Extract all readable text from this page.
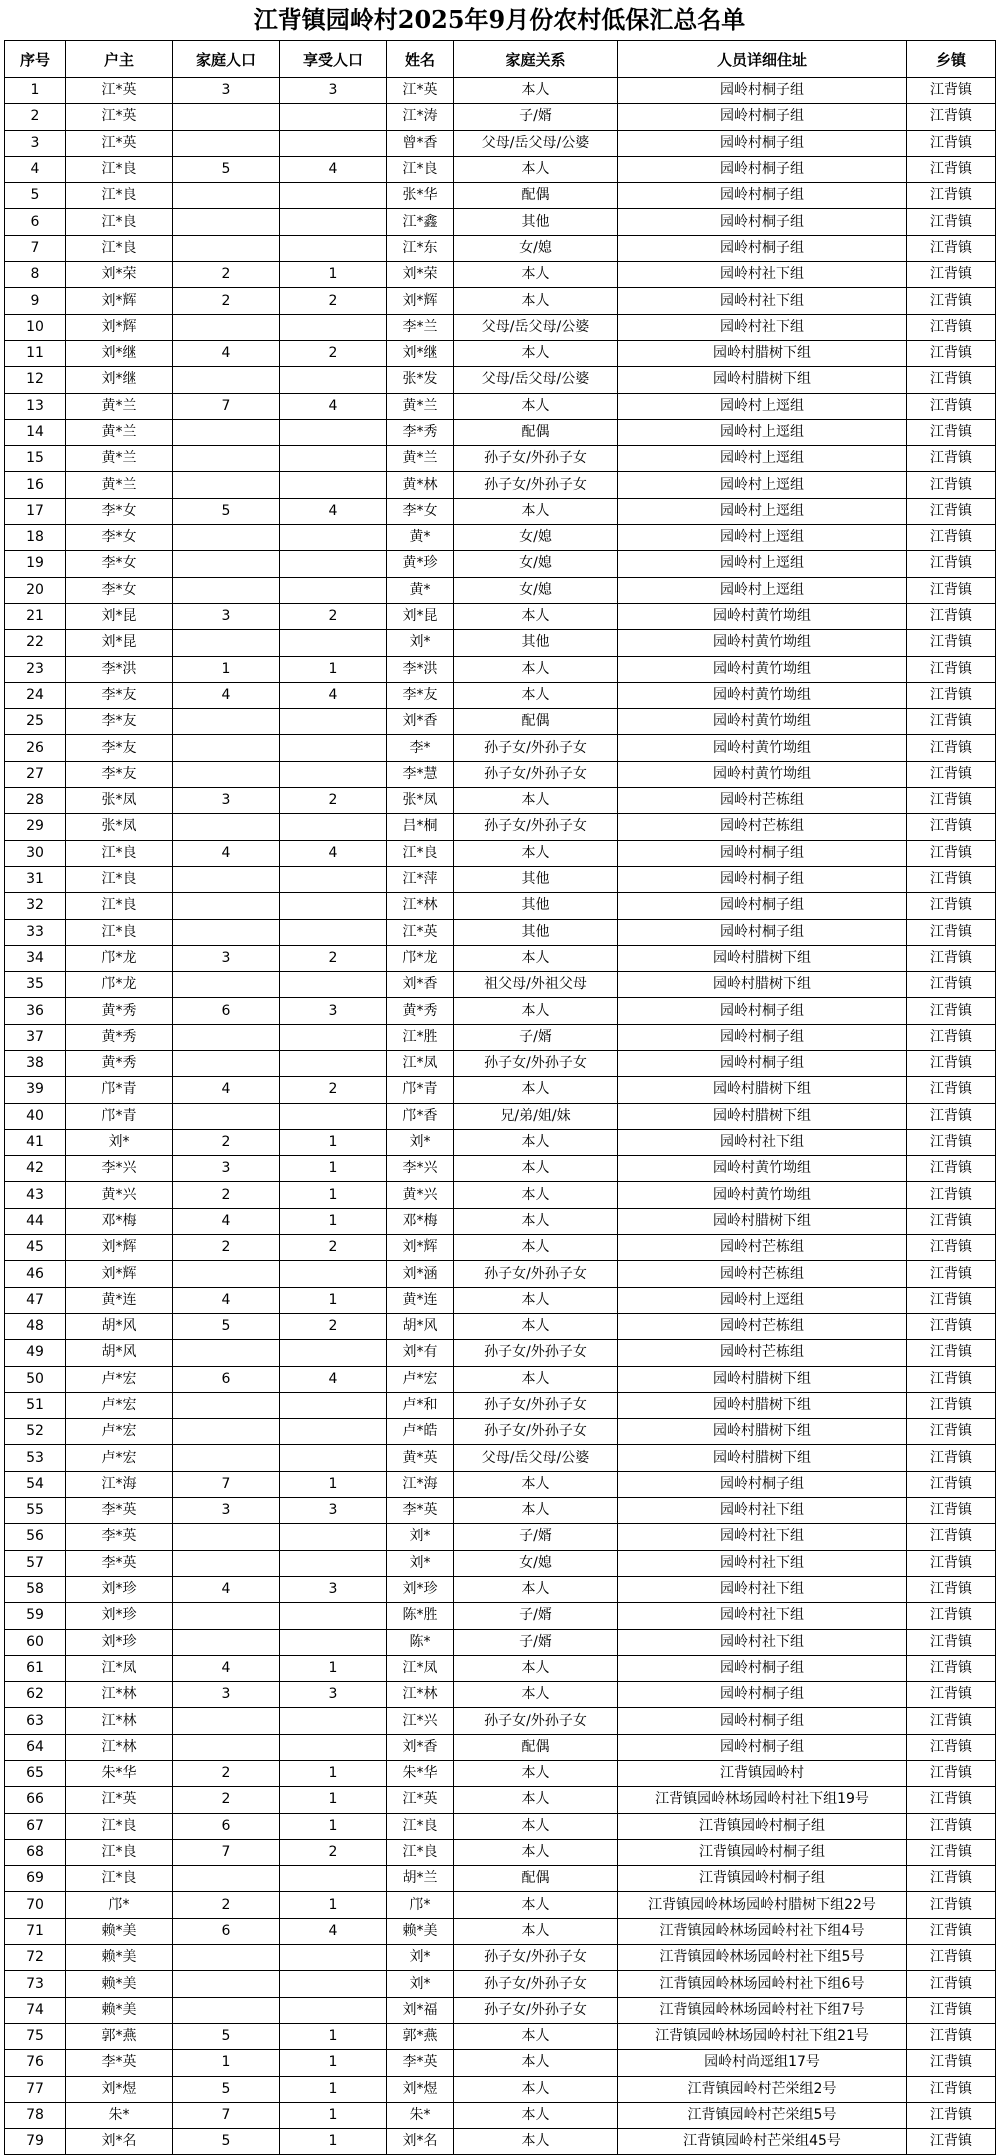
江背镇园岭村2025年9月份农村低保汇总名单
序号	户主	家庭人口	享受人口	姓名	家庭关系	人员详细住址	乡镇
1	江*英	3	3	江*英	本人	园岭村桐子组	江背镇
2	江*英			江*涛	子/婿	园岭村桐子组	江背镇
3	江*英			曾*香	父母/岳父母/公婆	园岭村桐子组	江背镇
4	江*良	5	4	江*良	本人	园岭村桐子组	江背镇
5	江*良			张*华	配偶	园岭村桐子组	江背镇
6	江*良			江*鑫	其他	园岭村桐子组	江背镇
7	江*良			江*东	女/媳	园岭村桐子组	江背镇
8	刘*荣	2	1	刘*荣	本人	园岭村社下组	江背镇
9	刘*辉	2	2	刘*辉	本人	园岭村社下组	江背镇
10	刘*辉			李*兰	父母/岳父母/公婆	园岭村社下组	江背镇
11	刘*继	4	2	刘*继	本人	园岭村腊树下组	江背镇
12	刘*继			张*发	父母/岳父母/公婆	园岭村腊树下组	江背镇
13	黄*兰	7	4	黄*兰	本人	园岭村上逕组	江背镇
14	黄*兰			李*秀	配偶	园岭村上逕组	江背镇
15	黄*兰			黄*兰	孙子女/外孙子女	园岭村上逕组	江背镇
16	黄*兰			黄*林	孙子女/外孙子女	园岭村上逕组	江背镇
17	李*女	5	4	李*女	本人	园岭村上逕组	江背镇
18	李*女			黄*	女/媳	园岭村上逕组	江背镇
19	李*女			黄*珍	女/媳	园岭村上逕组	江背镇
20	李*女			黄*	女/媳	园岭村上逕组	江背镇
21	刘*昆	3	2	刘*昆	本人	园岭村黄竹坳组	江背镇
22	刘*昆			刘*	其他	园岭村黄竹坳组	江背镇
23	李*洪	1	1	李*洪	本人	园岭村黄竹坳组	江背镇
24	李*友	4	4	李*友	本人	园岭村黄竹坳组	江背镇
25	李*友			刘*香	配偶	园岭村黄竹坳组	江背镇
26	李*友			李*	孙子女/外孙子女	园岭村黄竹坳组	江背镇
27	李*友			李*慧	孙子女/外孙子女	园岭村黄竹坳组	江背镇
28	张*凤	3	2	张*凤	本人	园岭村芒栋组	江背镇
29	张*凤			吕*桐	孙子女/外孙子女	园岭村芒栋组	江背镇
30	江*良	4	4	江*良	本人	园岭村桐子组	江背镇
31	江*良			江*萍	其他	园岭村桐子组	江背镇
32	江*良			江*林	其他	园岭村桐子组	江背镇
33	江*良			江*英	其他	园岭村桐子组	江背镇
34	邝*龙	3	2	邝*龙	本人	园岭村腊树下组	江背镇
35	邝*龙			刘*香	祖父母/外祖父母	园岭村腊树下组	江背镇
36	黄*秀	6	3	黄*秀	本人	园岭村桐子组	江背镇
37	黄*秀			江*胜	子/婿	园岭村桐子组	江背镇
38	黄*秀			江*凤	孙子女/外孙子女	园岭村桐子组	江背镇
39	邝*青	4	2	邝*青	本人	园岭村腊树下组	江背镇
40	邝*青			邝*香	兄/弟/姐/妹	园岭村腊树下组	江背镇
41	刘*	2	1	刘*	本人	园岭村社下组	江背镇
42	李*兴	3	1	李*兴	本人	园岭村黄竹坳组	江背镇
43	黄*兴	2	1	黄*兴	本人	园岭村黄竹坳组	江背镇
44	邓*梅	4	1	邓*梅	本人	园岭村腊树下组	江背镇
45	刘*辉	2	2	刘*辉	本人	园岭村芒栋组	江背镇
46	刘*辉			刘*涵	孙子女/外孙子女	园岭村芒栋组	江背镇
47	黄*连	4	1	黄*连	本人	园岭村上逕组	江背镇
48	胡*风	5	2	胡*风	本人	园岭村芒栋组	江背镇
49	胡*风			刘*有	孙子女/外孙子女	园岭村芒栋组	江背镇
50	卢*宏	6	4	卢*宏	本人	园岭村腊树下组	江背镇
51	卢*宏			卢*和	孙子女/外孙子女	园岭村腊树下组	江背镇
52	卢*宏			卢*皓	孙子女/外孙子女	园岭村腊树下组	江背镇
53	卢*宏			黄*英	父母/岳父母/公婆	园岭村腊树下组	江背镇
54	江*海	7	1	江*海	本人	园岭村桐子组	江背镇
55	李*英	3	3	李*英	本人	园岭村社下组	江背镇
56	李*英			刘*	子/婿	园岭村社下组	江背镇
57	李*英			刘*	女/媳	园岭村社下组	江背镇
58	刘*珍	4	3	刘*珍	本人	园岭村社下组	江背镇
59	刘*珍			陈*胜	子/婿	园岭村社下组	江背镇
60	刘*珍			陈*	子/婿	园岭村社下组	江背镇
61	江*凤	4	1	江*凤	本人	园岭村桐子组	江背镇
62	江*林	3	3	江*林	本人	园岭村桐子组	江背镇
63	江*林			江*兴	孙子女/外孙子女	园岭村桐子组	江背镇
64	江*林			刘*香	配偶	园岭村桐子组	江背镇
65	朱*华	2	1	朱*华	本人	江背镇园岭村	江背镇
66	江*英	2	1	江*英	本人	江背镇园岭林场园岭村社下组19号	江背镇
67	江*良	6	1	江*良	本人	江背镇园岭村桐子组	江背镇
68	江*良	7	2	江*良	本人	江背镇园岭村桐子组	江背镇
69	江*良			胡*兰	配偶	江背镇园岭村桐子组	江背镇
70	邝*	2	1	邝*	本人	江背镇园岭林场园岭村腊树下组22号	江背镇
71	赖*美	6	4	赖*美	本人	江背镇园岭林场园岭村社下组4号	江背镇
72	赖*美			刘*	孙子女/外孙子女	江背镇园岭林场园岭村社下组5号	江背镇
73	赖*美			刘*	孙子女/外孙子女	江背镇园岭林场园岭村社下组6号	江背镇
74	赖*美			刘*福	孙子女/外孙子女	江背镇园岭林场园岭村社下组7号	江背镇
75	郭*燕	5	1	郭*燕	本人	江背镇园岭林场园岭村社下组21号	江背镇
76	李*英	1	1	李*英	本人	园岭村尚逕组17号	江背镇
77	刘*煜	5	1	刘*煜	本人	江背镇园岭村芒栄组2号	江背镇
78	朱*	7	1	朱*	本人	江背镇园岭村芒栄组5号	江背镇
79	刘*名	5	1	刘*名	本人	江背镇园岭村芒栄组45号	江背镇
